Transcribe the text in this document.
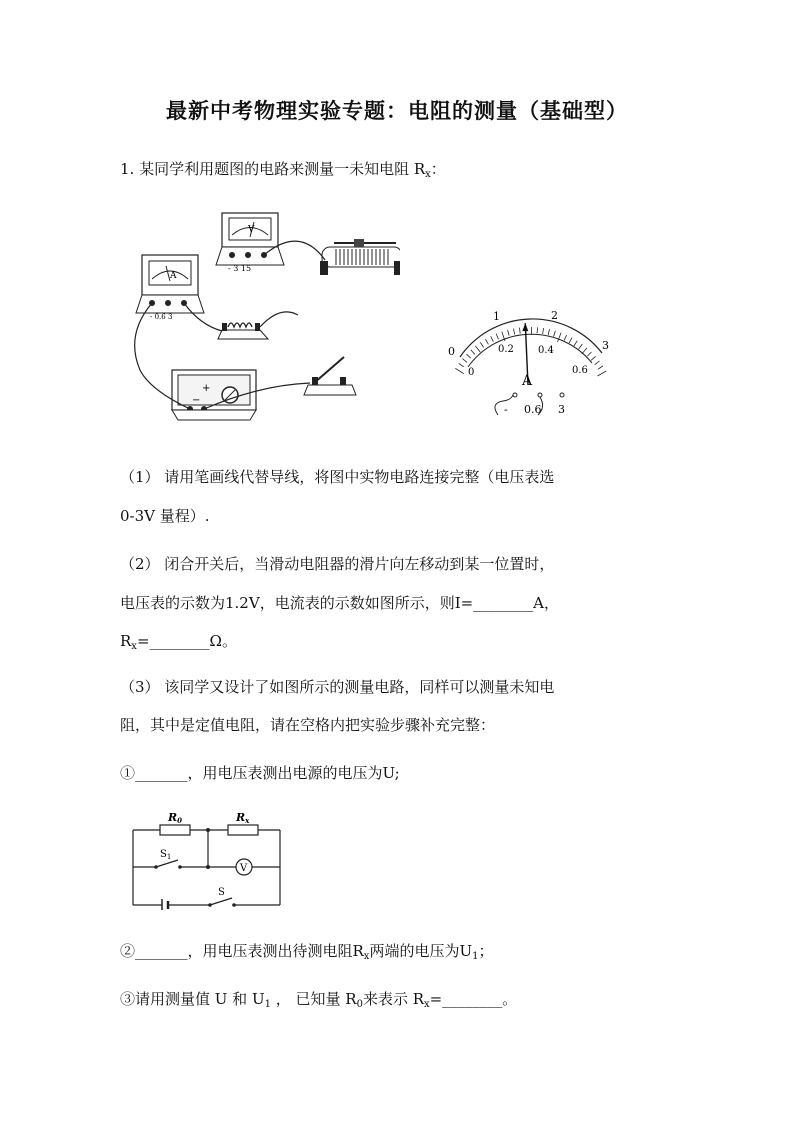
最新中考物理实验专题：电阻的测量（基础型）
1. 某同学利用题图的电路来测量一未知电阻 $R_x$：
V
- 3 15
A
- 0.6 3
+
−
0
1	2
3
0
0.2 0.4
0.6
A
- 0.6 3
（1） 请用笔画线代替导线，将图中实物电路连接完整（电压表选
0-3V 量程）.
（2） 闭合开关后，当滑动电阻器的滑片向左移动到某一位置时，
电压表的示数为1.2V，电流表的示数如图所示，则I=________A，
$R_x=\_\_\_\_\_\_\_\_\Omega$。
（3） 该同学又设计了如图所示的测量电路，同样可以测量未知电
阻，其中是定值电阻，请在空格内把实验步骤补充完整：
①_______，用电压表测出电源的电压为U;
R0	Rx
$S_1$
S
V
②_______，用电压表测出待测电阻$R_x$两端的电压为$U_1$；
③请用测量值 U 和 $U_1$ ， 已知量 $R_0$来表示 $R_x=\_\_\_\_\_\_\_\_$。
